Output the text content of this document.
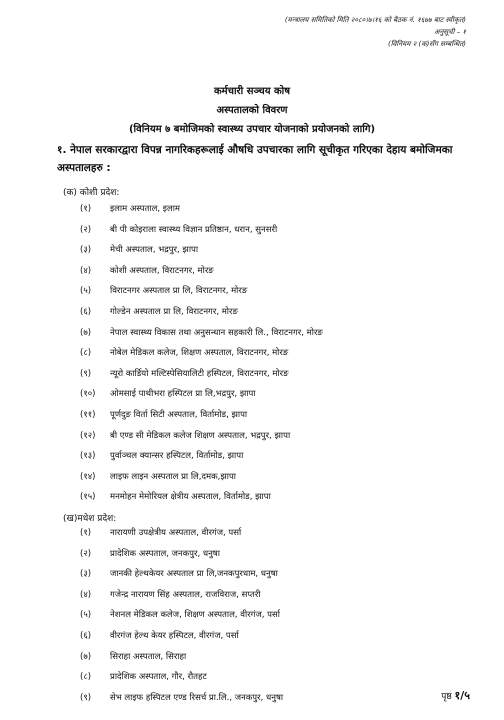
(मन्त्रालय समितिको मिति २०८०।७।१६ को बैठक नं. १६७७ बाट स्वीकृत)
अनुसूची – १
(विनियम २ (क)सँग सम्बन्धित)
कर्मचारी सञ्चय कोष
अस्पतालको विवरण
(विनियम ७ बमोजिमको स्वास्थ्य उपचार योजनाको प्रयोजनको लागि)
१. नेपाल सरकारद्वारा विपन्न नागरिकहरूलाई औषधि उपचारका लागि सूचीकृत गरिएका देहाय बमोजिमका अस्पतालहरु :
(क) कोशी प्रदेश:
(१) इलाम अस्पताल, इलाम
(२) बी पी कोइराला स्वास्थ्य विज्ञान प्रतिष्ठान, धरान, सुनसरी
(३) मेची अस्पताल, भद्रपुर, झापा
(४) कोशी अस्पताल, विराटनगर, मोरङ
(५) विराटनगर अस्पताल प्रा लि, विराटनगर, मोरङ
(६) गोल्डेन अस्पताल प्रा लि, विराटनगर, मोरङ
(७) नेपाल स्वास्थ्य विकास तथा अनुसन्धान सहकारी लि., विराटनगर, मोरङ
(८) नोबेल मेडिकल कलेज, शिक्षण अस्पताल, विराटनगर, मोरङ
(९) न्यूरो कार्डियो मल्टिस्पेसियालिटी हस्पिटल, विराटनगर, मोरङ
(१०) ओमसाई पाथीभरा हस्पिटल प्रा लि,भद्रपुर, झापा
(११) पूर्णदुङ विर्ता सिटी अस्पताल, विर्तामोड, झापा
(१२) बी एण्ड सी मेडिकल कलेज शिक्षण अस्पताल, भद्रपुर, झापा
(१३) पुर्वाञ्चल क्यान्सर हस्पिटल, विर्तामोड, झापा
(१४) लाइफ लाइन अस्पताल प्रा लि,दमक,झापा
(१५) मनमोहन मेमोरियल क्षेत्रीय अस्पताल, विर्तामोड, झापा
(ख)मधेश प्रदेश:
(१) नारायणी उपक्षेत्रीय अस्पताल, वीरगंज, पर्सा
(२) प्रादेशिक अस्पताल, जनकपुर, धनुषा
(३) जानकी हेल्थकेयर अस्पताल प्रा लि,जनकपुरधाम, धनुषा
(४) गजेन्द्र नारायण सिंह अस्पताल, राजविराज, सप्तरी
(५) नेशनल मेडिकल कलेज, शिक्षण अस्पताल, वीरगंज, पर्सा
(६) वीरगंज हेल्थ केयर हस्पिटल, वीरगंज, पर्सा
(७) सिराहा अस्पताल, सिराहा
(८) प्रादेशिक अस्पताल, गौर, रौतहट
(९) सेभ लाइफ हस्पिटल एण्ड रिसर्च प्रा.लि., जनकपुर, धनुषा	पृष्ठ १/५
